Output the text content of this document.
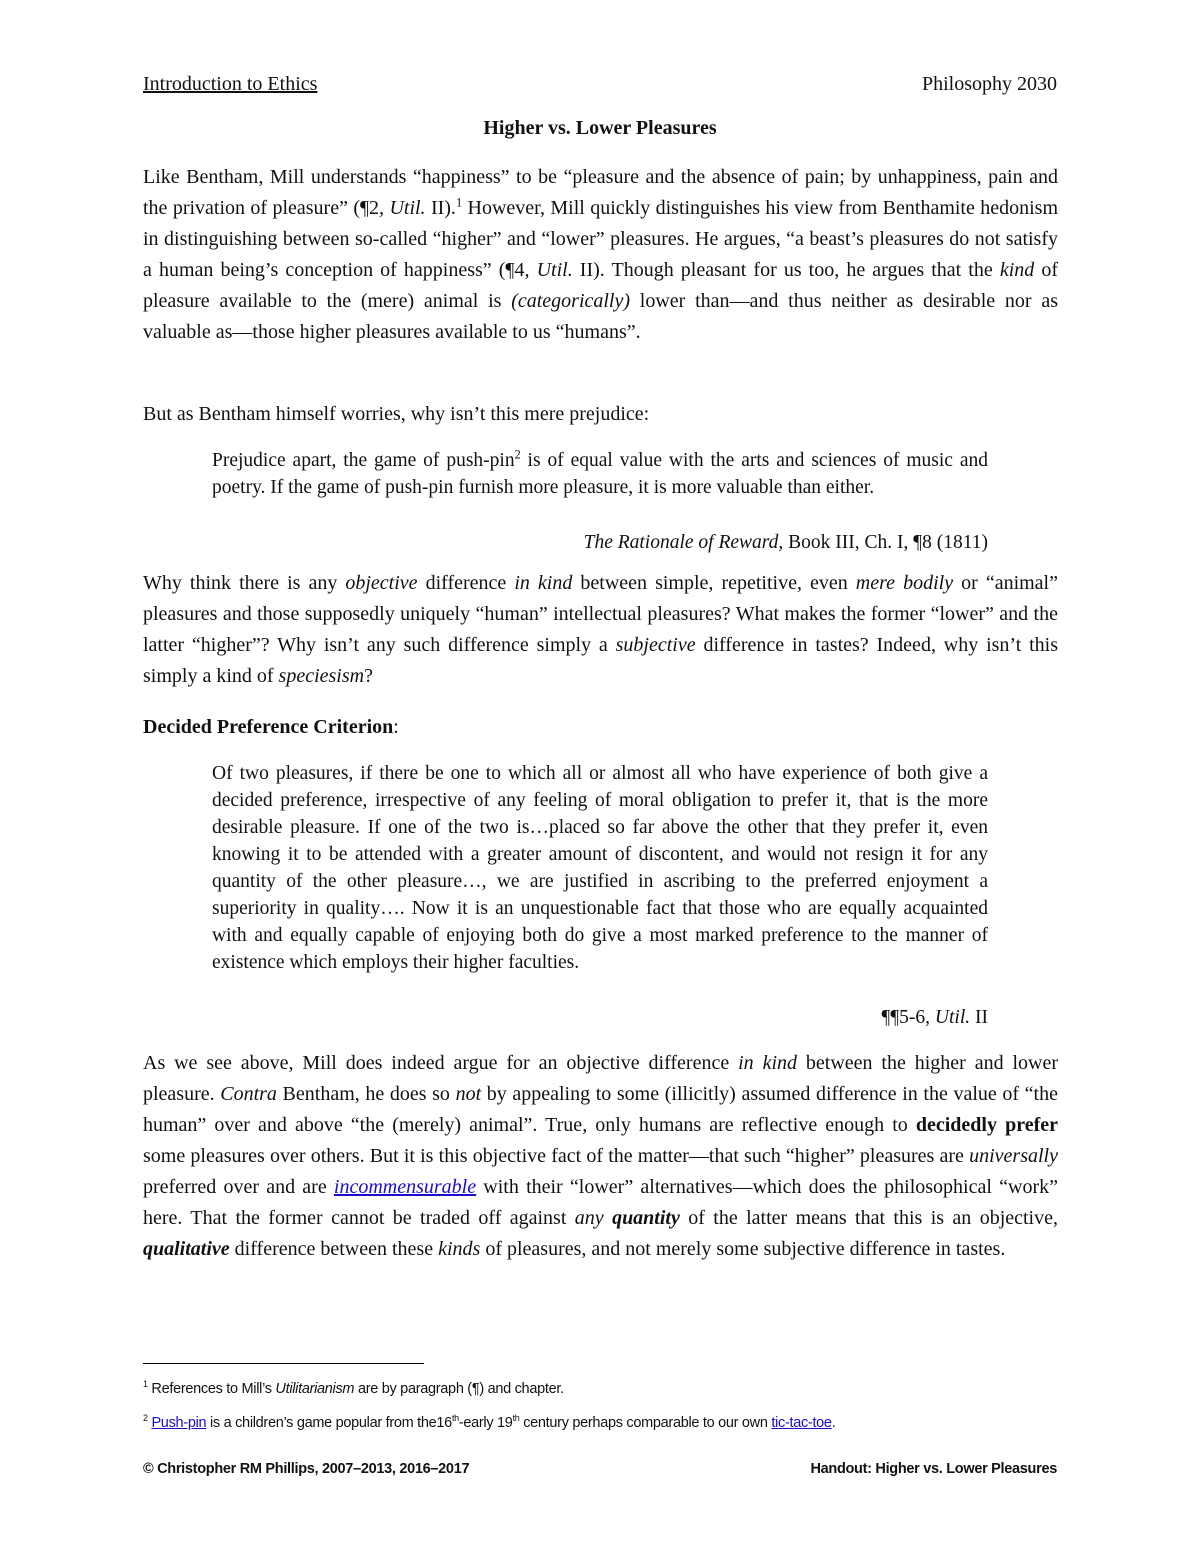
Introduction to Ethics	Philosophy 2030
Higher vs. Lower Pleasures
Like Bentham, Mill understands “happiness” to be “pleasure and the absence of pain; by unhappiness, pain and the privation of pleasure” (¶2, Util. II).$^1$ However, Mill quickly distinguishes his view from Benthamite hedonism in distinguishing between so-called “higher” and “lower” pleasures. He argues, “a beast’s pleasures do not satisfy a human being’s conception of happiness” (¶4, Util. II). Though pleasant for us too, he argues that the kind of pleasure available to the (mere) animal is (categorically) lower than—and thus neither as desirable nor as valuable as—those higher pleasures available to us “humans”.
But as Bentham himself worries, why isn’t this mere prejudice:
Prejudice apart, the game of push-pin$^2$ is of equal value with the arts and sciences of music and poetry. If the game of push-pin furnish more pleasure, it is more valuable than either.
The Rationale of Reward, Book III, Ch. I, ¶8 (1811)
Why think there is any objective difference in kind between simple, repetitive, even mere bodily or “animal” pleasures and those supposedly uniquely “human” intellectual pleasures? What makes the former “lower” and the latter “higher”? Why isn’t any such difference simply a subjective difference in tastes? Indeed, why isn’t this simply a kind of speciesism?
Decided Preference Criterion:
Of two pleasures, if there be one to which all or almost all who have experience of both give a decided preference, irrespective of any feeling of moral obligation to prefer it, that is the more desirable pleasure. If one of the two is…placed so far above the other that they prefer it, even knowing it to be attended with a greater amount of discontent, and would not resign it for any quantity of the other pleasure…, we are justified in ascribing to the preferred enjoyment a superiority in quality…. Now it is an unquestionable fact that those who are equally acquainted with and equally capable of enjoying both do give a most marked preference to the manner of existence which employs their higher faculties.
¶¶5-6, Util. II
As we see above, Mill does indeed argue for an objective difference in kind between the higher and lower pleasure. Contra Bentham, he does so not by appealing to some (illicitly) assumed difference in the value of “the human” over and above “the (merely) animal”. True, only humans are reflective enough to decidedly prefer some pleasures over others. But it is this objective fact of the matter—that such “higher” pleasures are universally preferred over and are incommensurable with their “lower” alternatives—which does the philosophical “work” here. That the former cannot be traded off against any quantity of the latter means that this is an objective, qualitative difference between these kinds of pleasures, and not merely some subjective difference in tastes.
$^1$ References to Mill’s Utilitarianism are by paragraph (¶) and chapter.
$^2$ Push-pin is a children’s game popular from the16th-early 19th century perhaps comparable to our own tic-tac-toe.
© Christopher RM Phillips, 2007–2013, 2016–2017	Handout: Higher vs. Lower Pleasures
